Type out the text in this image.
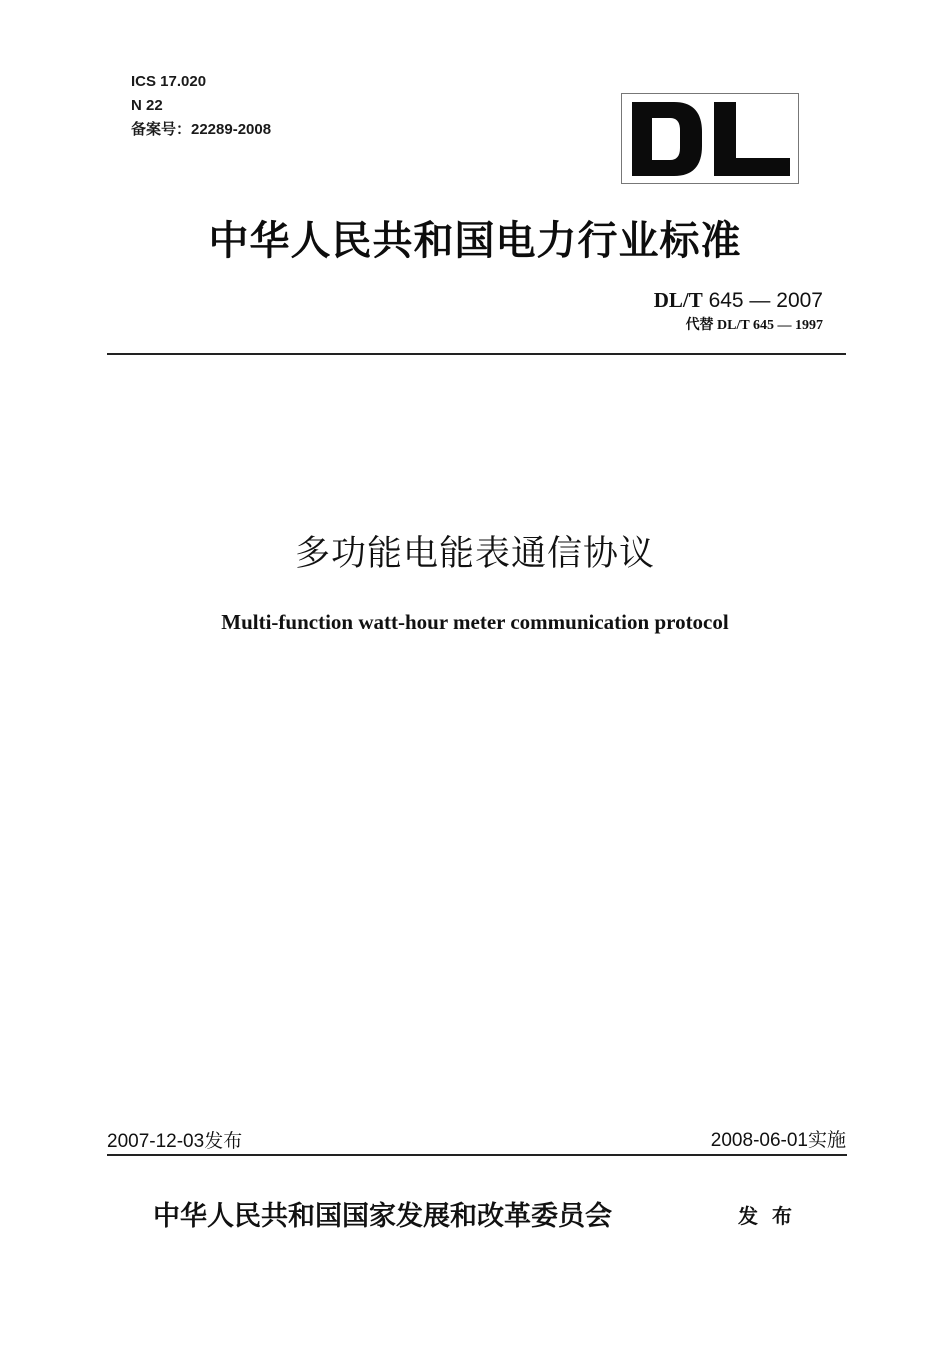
ICS 17.020
N 22
备案号：22289-2008
中华人民共和国电力行业标准
DL/T 645 — 2007
代替 DL/T 645 — 1997
多功能电能表通信协议
Multi-function watt-hour meter communication protocol
2007-12-03发布	2008-06-01实施
中华人民共和国国家发展和改革委员会	发布
